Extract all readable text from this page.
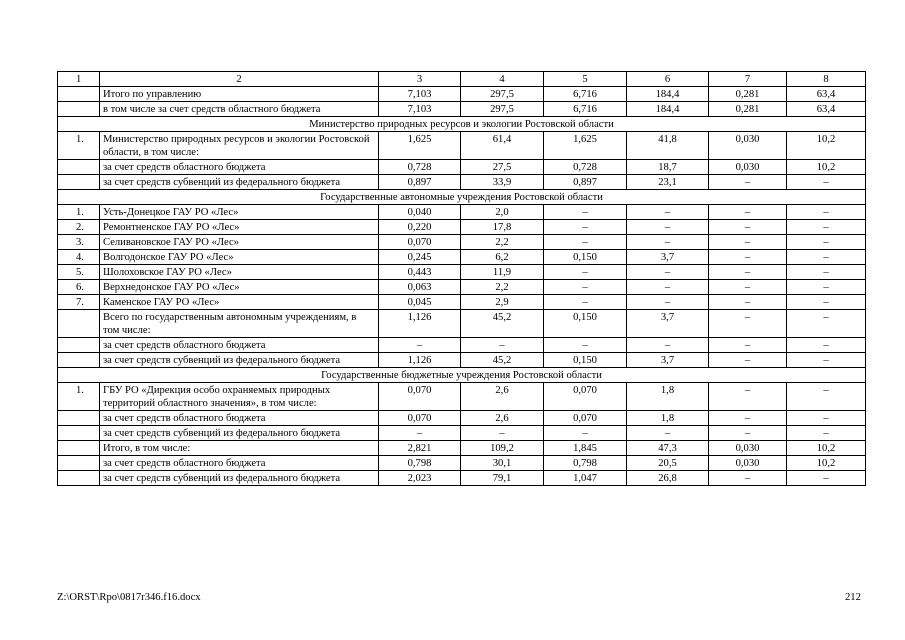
1	2	3	4	5	6	7	8
	Итого по управлению	7,103	297,5	6,716	184,4	0,281	63,4
	в том числе за счет средств областного бюджета	7,103	297,5	6,716	184,4	0,281	63,4
Министерство природных ресурсов и экологии Ростовской области							
1.	Министерство природных ресурсов и экологии Ростовской области, в том числе:	1,625	61,4	1,625	41,8	0,030	10,2
	за счет средств областного бюджета	0,728	27,5	0,728	18,7	0,030	10,2
	за счет средств субвенций из федерального бюджета	0,897	33,9	0,897	23,1	–	–
Государственные автономные учреждения Ростовской области							
1.	Усть-Донецкое ГАУ РО «Лес»	0,040	2,0	–	–	–	–
2.	Ремонтненское ГАУ РО «Лес»	0,220	17,8	–	–	–	–
3.	Селивановское ГАУ РО «Лес»	0,070	2,2	–	–	–	–
4.	Волгодонское ГАУ РО «Лес»	0,245	6,2	0,150	3,7	–	–
5.	Шолоховское ГАУ РО «Лес»	0,443	11,9	–	–	–	–
6.	Верхнедонское ГАУ РО «Лес»	0,063	2,2	–	–	–	–
7.	Каменское ГАУ РО «Лес»	0,045	2,9	–	–	–	–
	Всего по государственным автономным учреждениям, в том числе:	1,126	45,2	0,150	3,7	–	–
	за счет средств областного бюджета	–	–	–	–	–	–
	за счет средств субвенций из федерального бюджета	1,126	45,2	0,150	3,7	–	–
Государственные бюджетные учреждения Ростовской области							
1.	ГБУ РО «Дирекция особо охраняемых природных территорий областного значения», в том числе:	0,070	2,6	0,070	1,8	–	–
	за счет средств областного бюджета	0,070	2,6	0,070	1,8	–	–
	за счет средств субвенций из федерального бюджета	–	–	–	–	–	–
	Итого, в том числе:	2,821	109,2	1,845	47,3	0,030	10,2
	за счет средств областного бюджета	0,798	30,1	0,798	20,5	0,030	10,2
	за счет средств субвенций из федерального бюджета	2,023	79,1	1,047	26,8	–	–
Z:\ORST\Rpo\0817r346.f16.docx	212
